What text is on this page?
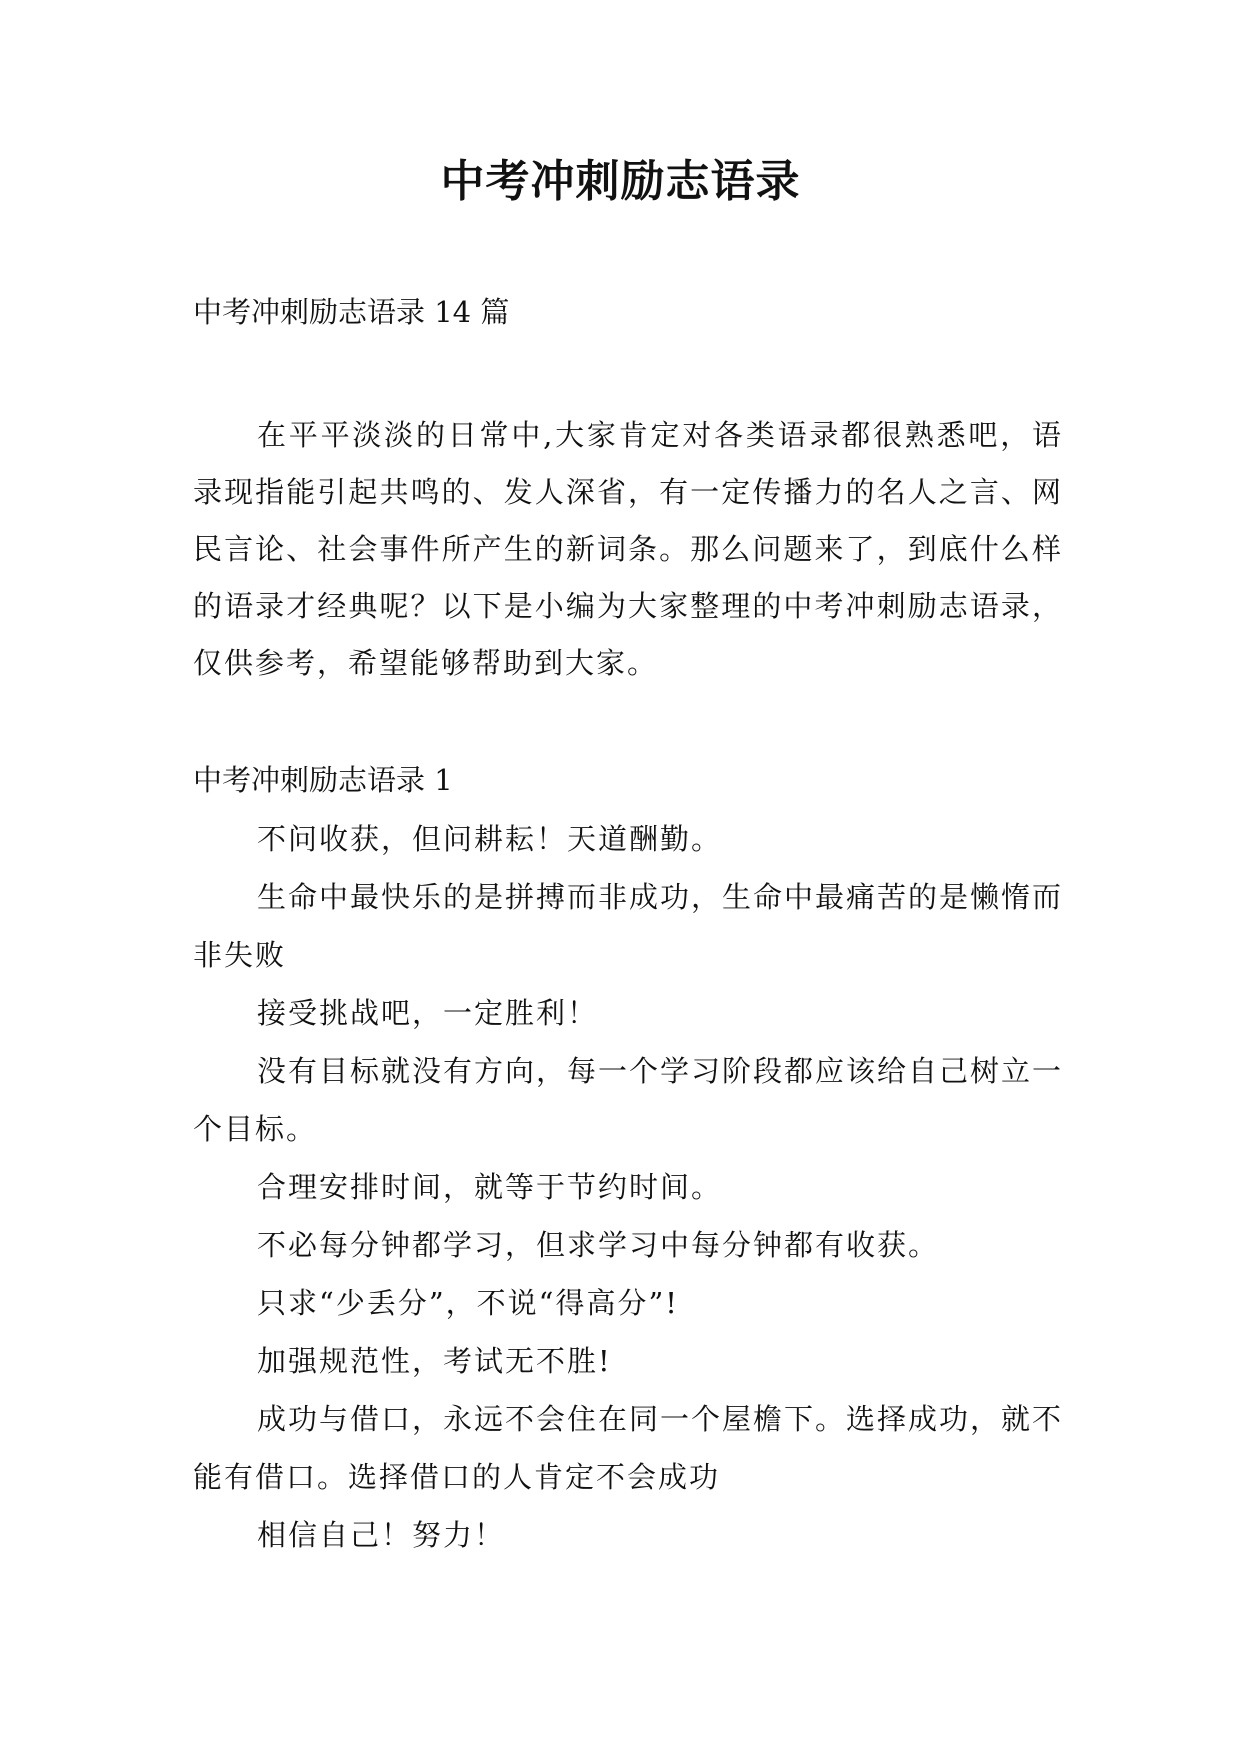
中考冲刺励志语录

中考冲刺励志语录 14 篇

在平平淡淡的日常中,大家肯定对各类语录都很熟悉吧，语录现指能引起共鸣的、发人深省，有一定传播力的名人之言、网民言论、社会事件所产生的新词条。那么问题来了，到底什么样的语录才经典呢？以下是小编为大家整理的中考冲刺励志语录，仅供参考，希望能够帮助到大家。

中考冲刺励志语录 1

不问收获，但问耕耘！天道酬勤。

生命中最快乐的是拼搏而非成功，生命中最痛苦的是懒惰而非失败

接受挑战吧，一定胜利！

没有目标就没有方向，每一个学习阶段都应该给自己树立一个目标。

合理安排时间，就等于节约时间。

不必每分钟都学习，但求学习中每分钟都有收获。

只求“少丢分”，不说“得高分”!

加强规范性，考试无不胜!

成功与借口，永远不会住在同一个屋檐下。选择成功，就不能有借口。选择借口的人肯定不会成功

相信自己！努力！
